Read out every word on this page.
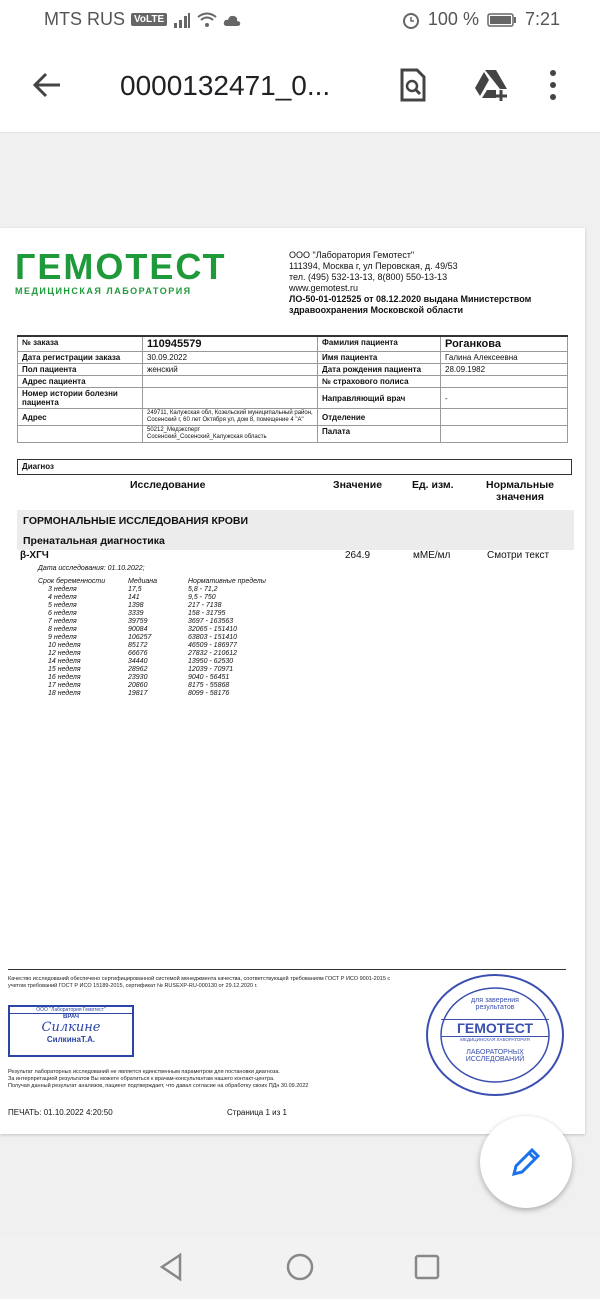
MTS RUS VoLTE	100 %	7:21
0000132471_0...
ГЕМОТЕСТ
МЕДИЦИНСКАЯ ЛАБОРАТОРИЯ
ООО "Лаборатория Гемотест"
111394, Москва г, ул Перовская, д. 49/53
тел. (495) 532-13-13, 8(800) 550-13-13
www.gemotest.ru
ЛО-50-01-012525 от 08.12.2020 выдана Министерством
здравоохранения Московской области
№ заказа	110945579	Фамилия пациента	Роганкова
Дата регистрации заказа	30.09.2022	Имя пациента	Галина Алексеевна
Пол пациента	женский	Дата рождения пациента	28.09.1982
Адрес пациента		№ страхового полиса	
Номер истории болезни пациента		Направляющий врач	-
Адрес	249711, Калужская обл, Козельский муниципальный район, Сосенский г, 60 лет Октября ул, дом 8, помещение 4 "А"	Отделение	

	50212_Медэксперт
Сосенский_Сосенский_Калужская область	Палата	
Диагноз
Исследование	Значение	Ед. изм.	Нормальные значения
ГОРМОНАЛЬНЫЕ ИССЛЕДОВАНИЯ КРОВИ
Пренатальная диагностика
β-ХГЧ	264.9	мМЕ/мл	Смотри текст
Дата исследования: 01.10.2022;
Срок беременности	Медиана	Нормативные пределы
3 неделя	17,5	5,8 - 71,2
4 неделя	141	9,5 - 750
5 неделя	1398	217 - 7138
6 неделя	3339	158 - 31795
7 неделя	39759	3697 - 163563
8 неделя	90084	32065 - 151410
9 неделя	106257	63803 - 151410
10 неделя	85172	46509 - 186977
12 неделя	66676	27832 - 210612
14 неделя	34440	13950 - 62530
15 неделя	28962	12039 - 70971
16 неделя	23930	9040 - 56451
17 неделя	20860	8175 - 55868
18 неделя	19817	8099 - 58176
Качество исследований обеспечено сертифицированной системой менеджмента качества, соответствующей требованиям ГОСТ Р ИСО 9001-2015 с учетом требований ГОСТ Р ИСО 15189-2015, сертификат № RUSEXP-RU-000130 от 29.12.2020 г.
ООО "Лаборатория Гемотест"
ВРАЧ
Силкине
СилкинаТ.А.
Результат лабораторных исследований не является единственным параметром для постановки диагноза.
За интерпретацией результатов Вы можете обратиться к врачам-консультантам нашего контакт-центра.
Получая данный результат анализов, пациент подтверждает, что давал согласие на обработку своих ПДн 30.09.2022
для заверения результатов
ГЕМОТЕСТ
МЕДИЦИНСКАЯ ЛАБОРАТОРИЯ
ЛАБОРАТОРНЫХ ИССЛЕДОВАНИЙ
ПЕЧАТЬ: 01.10.2022 4:20:50	Страница 1 из 1
